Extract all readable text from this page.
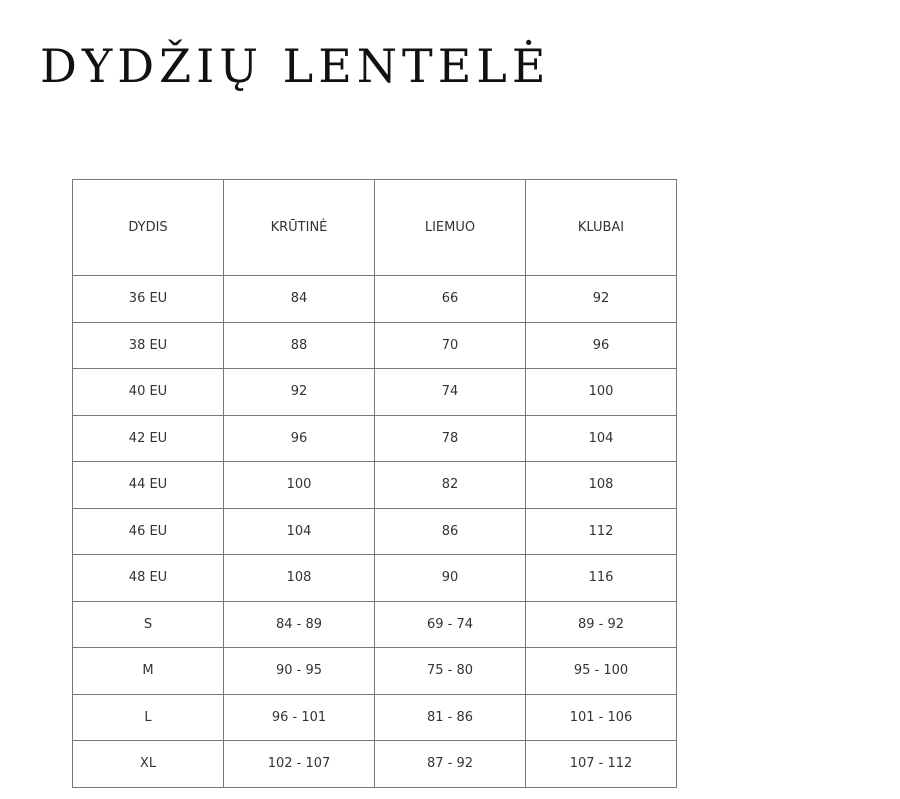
DYDŽIŲ LENTELĖ
DYDIS	KRŪTINĖ	LIEMUO	KLUBAI
36 EU	84	66	92
38 EU	88	70	96
40 EU	92	74	100
42 EU	96	78	104
44 EU	100	82	108
46 EU	104	86	112
48 EU	108	90	116
S	84 - 89	69 - 74	89 - 92
M	90 - 95	75 - 80	95 - 100
L	96 - 101	81 - 86	101 - 106
XL	102 - 107	87 - 92	107 - 112
